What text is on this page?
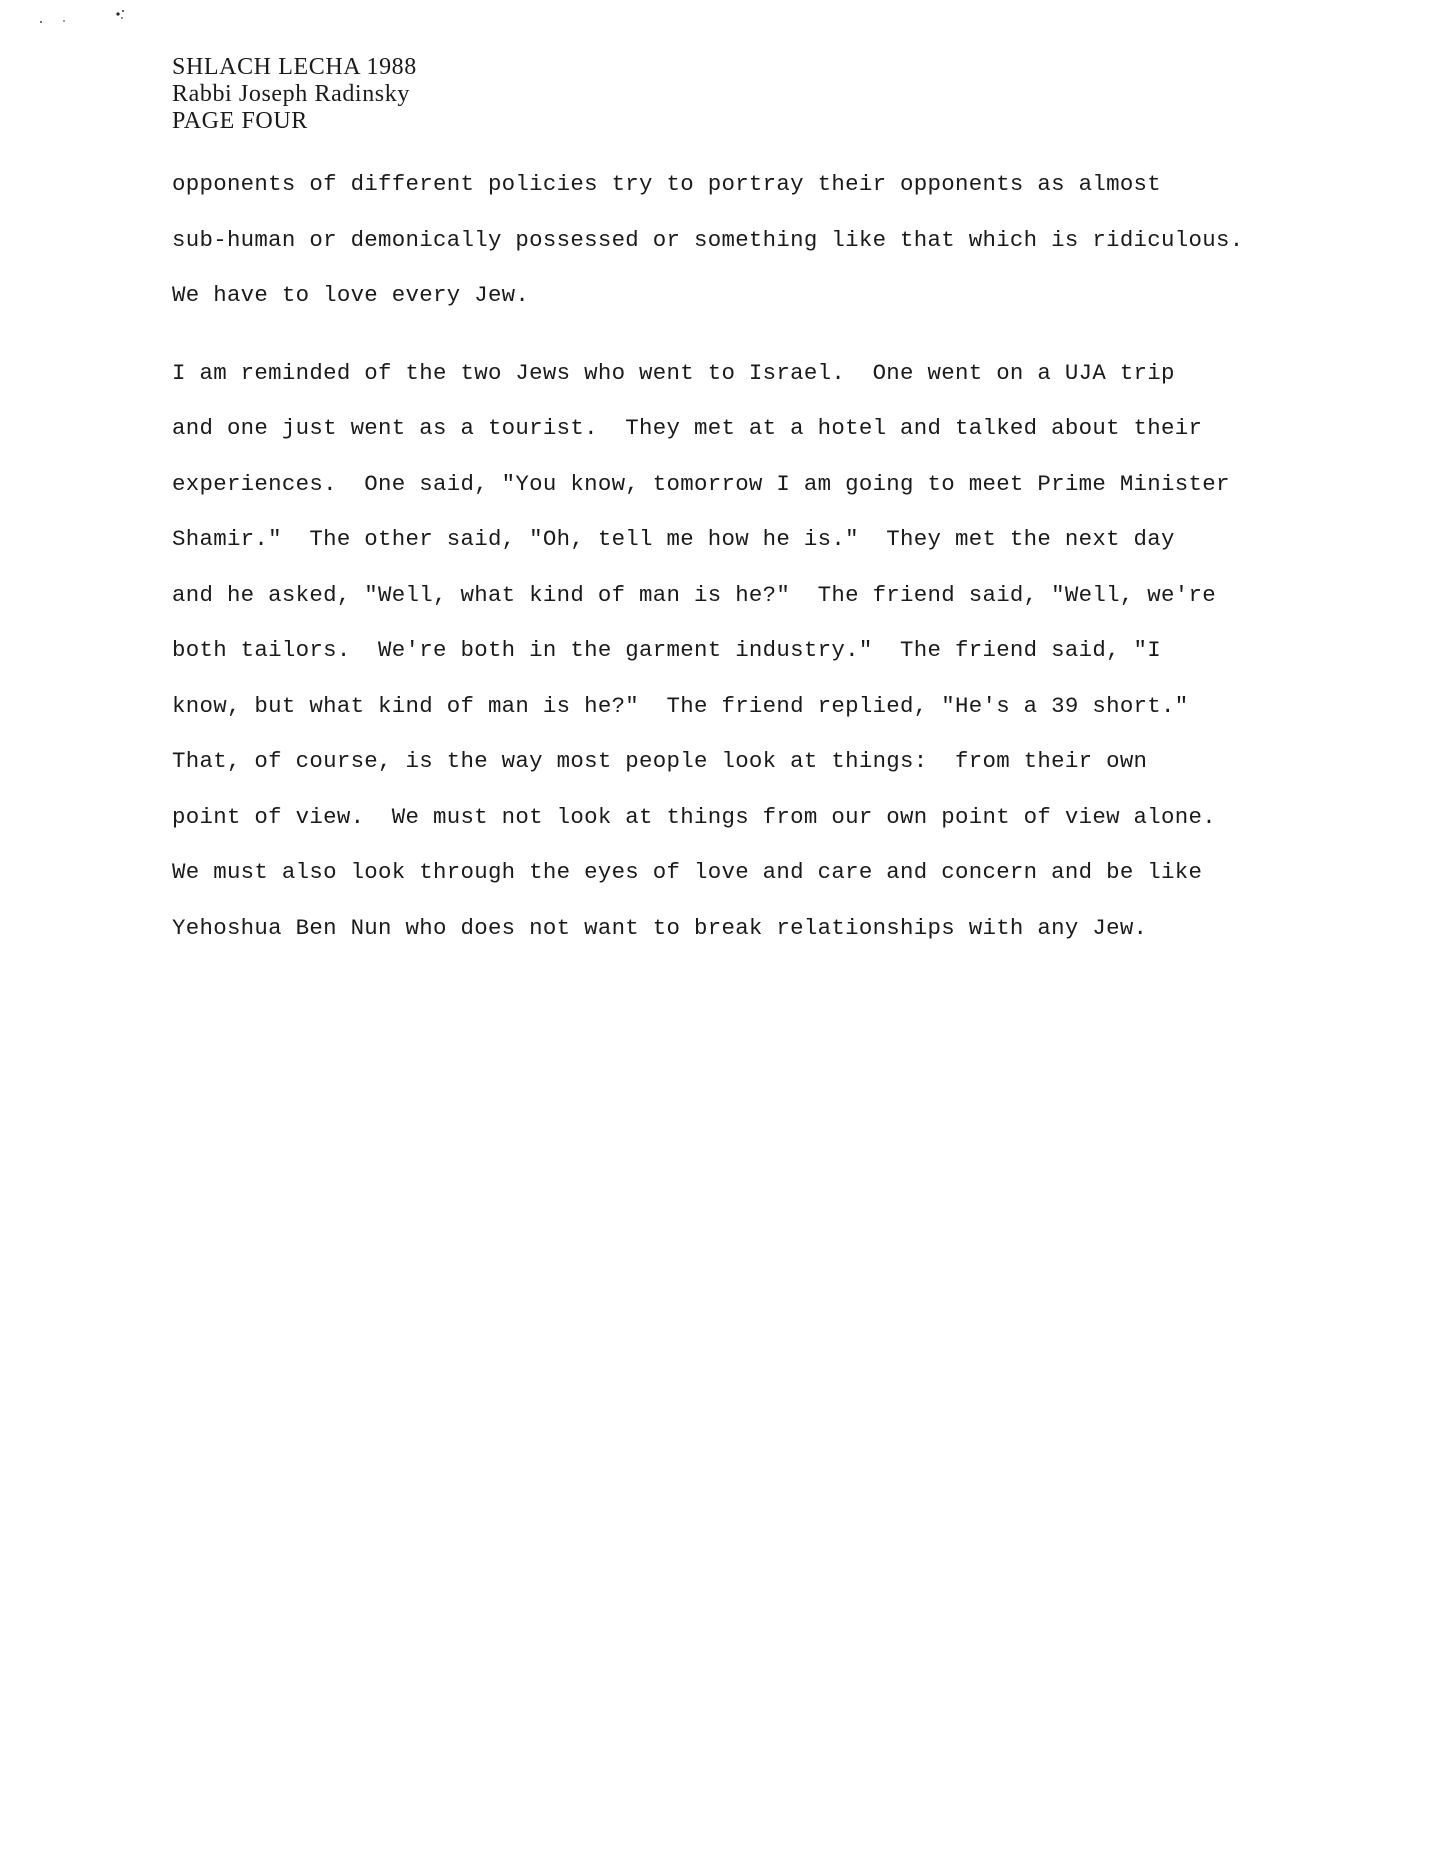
SHLACH LECHA 1988
Rabbi Joseph Radinsky
PAGE FOUR

opponents of different policies try to portray their opponents as almost
sub-human or demonically possessed or something like that which is ridiculous.
We have to love every Jew.

I am reminded of the two Jews who went to Israel.  One went on a UJA trip
and one just went as a tourist.  They met at a hotel and talked about their
experiences.  One said, "You know, tomorrow I am going to meet Prime Minister
Shamir."  The other said, "Oh, tell me how he is."  They met the next day
and he asked, "Well, what kind of man is he?"  The friend said, "Well, we're
both tailors.  We're both in the garment industry."  The friend said, "I
know, but what kind of man is he?"  The friend replied, "He's a 39 short."
That, of course, is the way most people look at things:  from their own
point of view.  We must not look at things from our own point of view alone.
We must also look through the eyes of love and care and concern and be like
Yehoshua Ben Nun who does not want to break relationships with any Jew.
